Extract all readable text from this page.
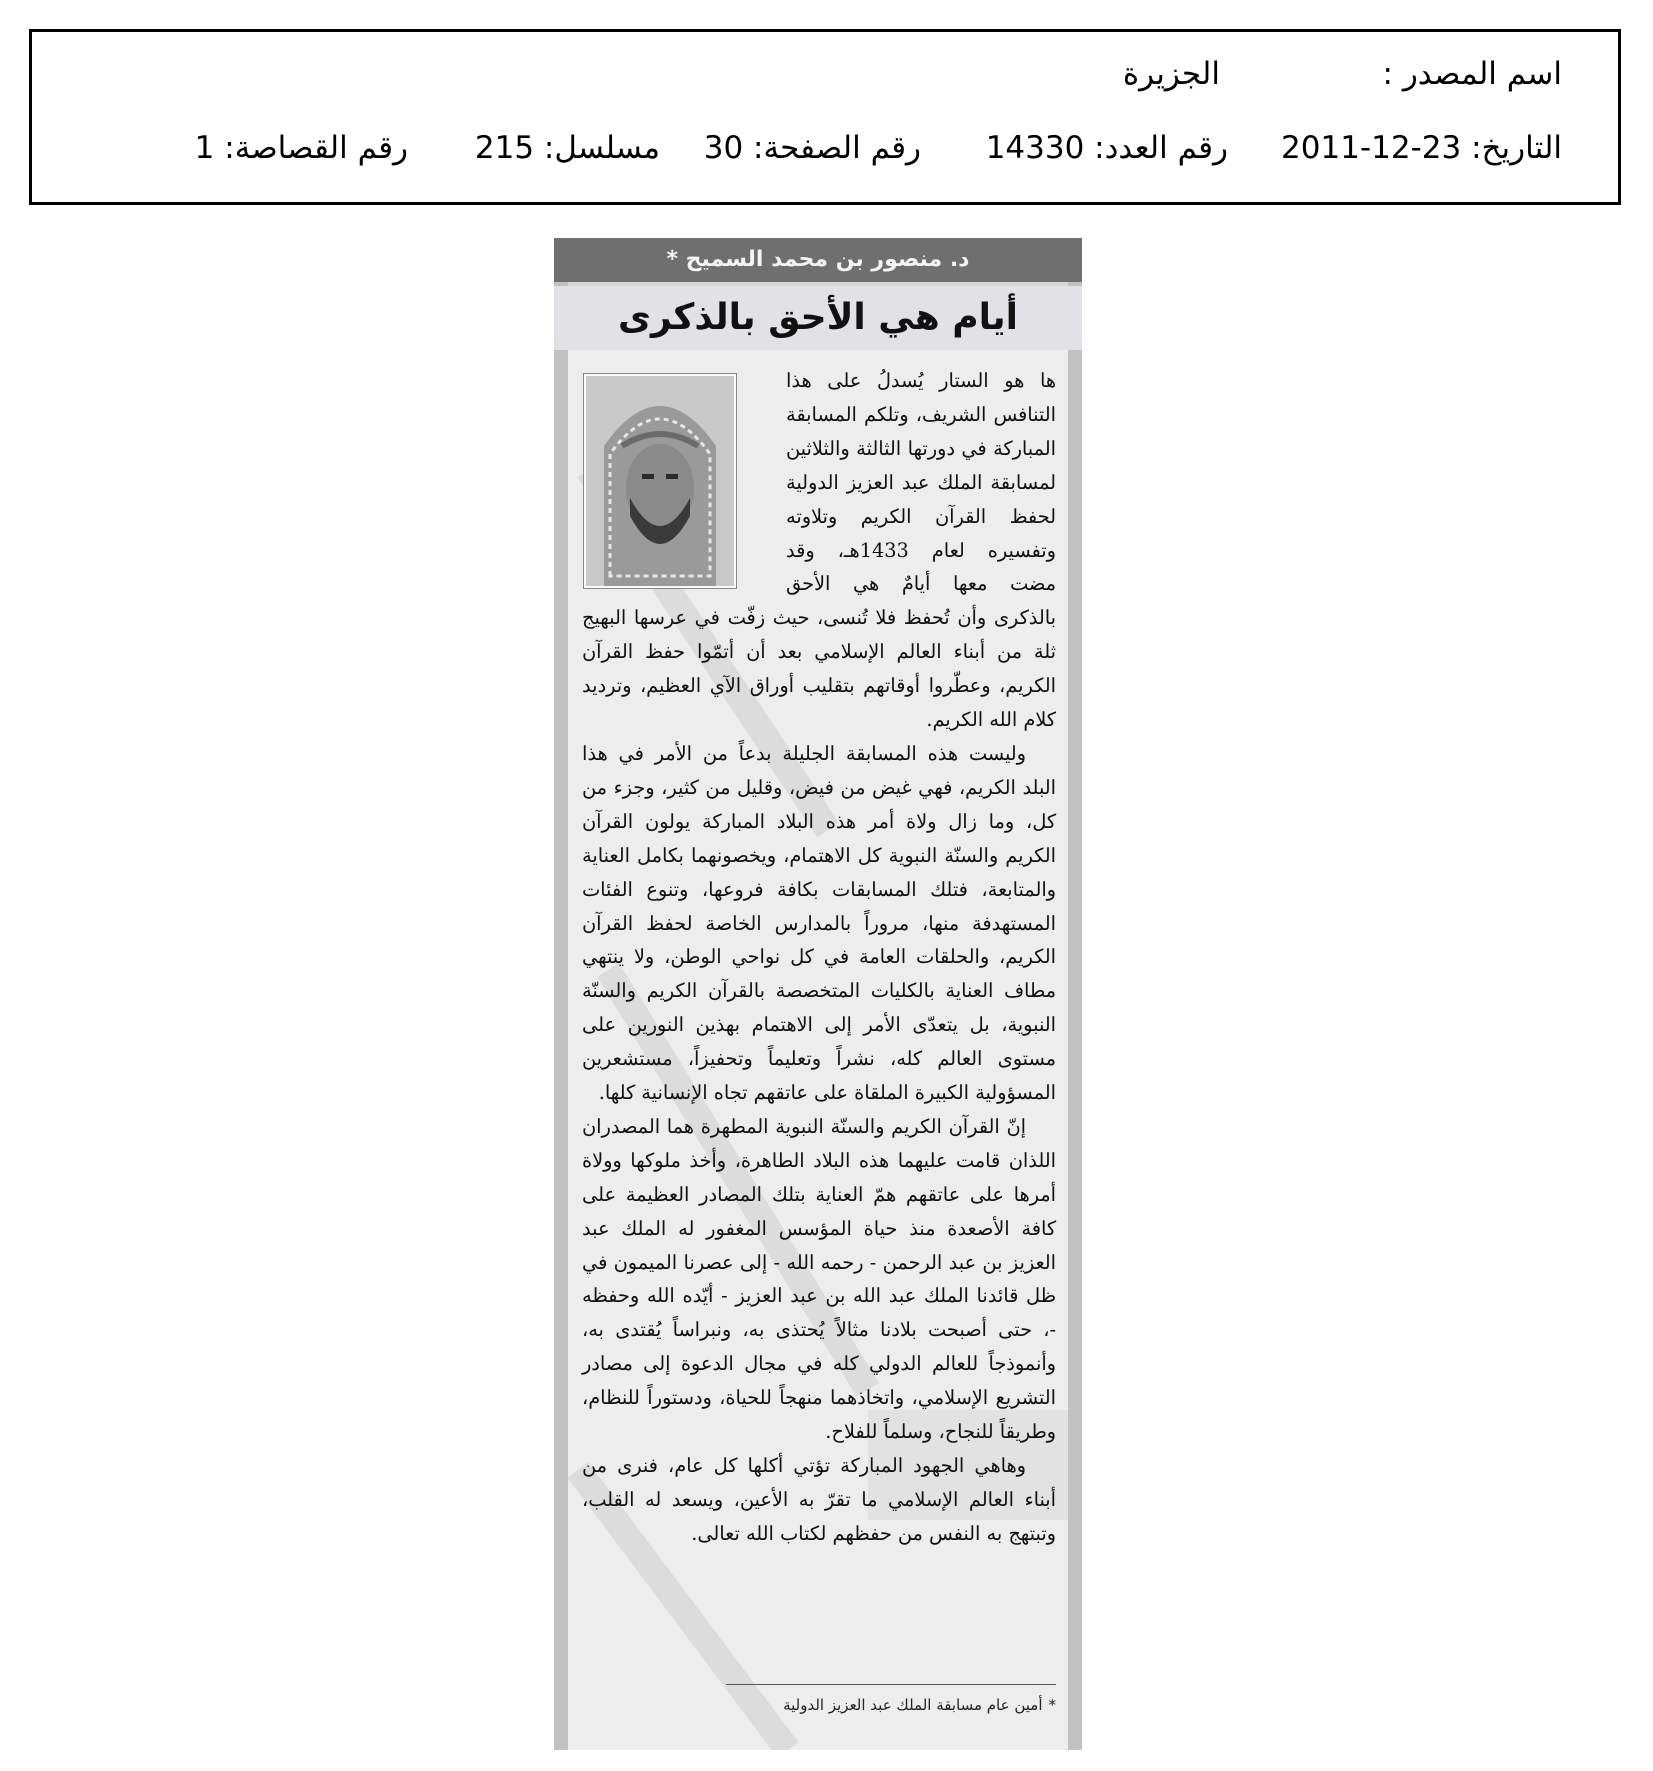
اسم المصدر :
الجزيرة
التاريخ: 23-12-2011
رقم العدد: 14330
رقم الصفحة: 30
مسلسل: 215
رقم القصاصة: 1
د. منصور بن محمد السميح *
أيام هي الأحق بالذكرى

ها هو الستار يُسدلُ على هذا التنافس الشريف، وتلكم المسابقة المباركة في دورتها الثالثة والثلاثين لمسابقة الملك عبد العزيز الدولية لحفظ القرآن الكريم وتلاوته وتفسيره لعام 1433هـ، وقد مضت معها أيامٌ هي الأحق بالذكرى وأن تُحفظ فلا تُنسى، حيث زفّت في عرسها البهيج ثلة من أبناء العالم الإسلامي بعد أن أتمّوا حفظ القرآن الكريم، وعطّروا أوقاتهم بتقليب أوراق الآي العظيم، وترديد كلام الله الكريم.

وليست هذه المسابقة الجليلة بدعاً من الأمر في هذا البلد الكريم، فهي غيض من فيض، وقليل من كثير، وجزء من كل، وما زال ولاة أمر هذه البلاد المباركة يولون القرآن الكريم والسنّة النبوية كل الاهتمام، ويخصونهما بكامل العناية والمتابعة، فتلك المسابقات بكافة فروعها، وتنوع الفئات المستهدفة منها، مروراً بالمدارس الخاصة لحفظ القرآن الكريم، والحلقات العامة في كل نواحي الوطن، ولا ينتهي مطاف العناية بالكليات المتخصصة بالقرآن الكريم والسنّة النبوية، بل يتعدّى الأمر إلى الاهتمام بهذين النورين على مستوى العالم كله، نشراً وتعليماً وتحفيزاً، مستشعرين المسؤولية الكبيرة الملقاة على عاتقهم تجاه الإنسانية كلها.

إنّ القرآن الكريم والسنّة النبوية المطهرة هما المصدران اللذان قامت عليهما هذه البلاد الطاهرة، وأخذ ملوكها وولاة أمرها على عاتقهم همّ العناية بتلك المصادر العظيمة على كافة الأصعدة منذ حياة المؤسس المغفور له الملك عبد العزيز بن عبد الرحمن - رحمه الله - إلى عصرنا الميمون في ظل قائدنا الملك عبد الله بن عبد العزيز - أيّده الله وحفظه -، حتى أصبحت بلادنا مثالاً يُحتذى به، ونبراساً يُقتدى به، وأنموذجاً للعالم الدولي كله في مجال الدعوة إلى مصادر التشريع الإسلامي، واتخاذهما منهجاً للحياة، ودستوراً للنظام، وطريقاً للنجاح، وسلماً للفلاح.

وهاهي الجهود المباركة تؤتي أكلها كل عام، فنرى من أبناء العالم الإسلامي ما تقرّ به الأعين، ويسعد له القلب، وتبتهج به النفس من حفظهم لكتاب الله تعالى.

*أمين عام مسابقة الملك عبد العزيز الدولية
